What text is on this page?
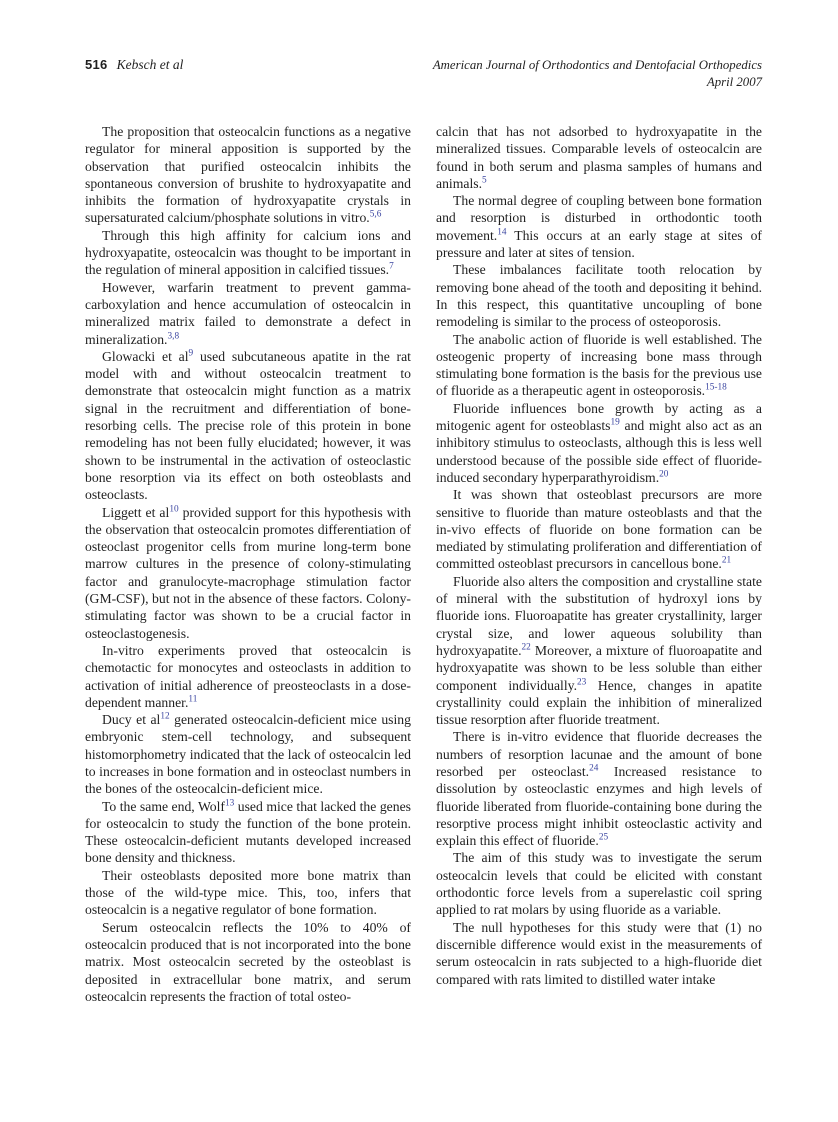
516 Kebsch et al	American Journal of Orthodontics and Dentofacial Orthopedics
April 2007

The proposition that osteocalcin functions as a negative regulator for mineral apposition is supported by the observation that purified osteocalcin inhibits the spontaneous conversion of brushite to hydroxyapatite and inhibits the formation of hydroxyapatite crystals in supersaturated calcium/phosphate solutions in vitro.$^{5,6}$

Through this high affinity for calcium ions and hydroxyapatite, osteocalcin was thought to be important in the regulation of mineral apposition in calcified tissues.$^7$

However, warfarin treatment to prevent gamma-carboxylation and hence accumulation of osteocalcin in mineralized matrix failed to demonstrate a defect in mineralization.$^{3,8}$

Glowacki et al$^9$ used subcutaneous apatite in the rat model with and without osteocalcin treatment to demonstrate that osteocalcin might function as a matrix signal in the recruitment and differentiation of bone-resorbing cells. The precise role of this protein in bone remodeling has not been fully elucidated; however, it was shown to be instrumental in the activation of osteoclastic bone resorption via its effect on both osteoblasts and osteoclasts.

Liggett et al$^{10}$ provided support for this hypothesis with the observation that osteocalcin promotes differentiation of osteoclast progenitor cells from murine long-term bone marrow cultures in the presence of colony-stimulating factor and granulocyte-macrophage stimulation factor (GM-CSF), but not in the absence of these factors. Colony-stimulating factor was shown to be a crucial factor in osteoclastogenesis.

In-vitro experiments proved that osteocalcin is chemotactic for monocytes and osteoclasts in addition to activation of initial adherence of preosteoclasts in a dose-dependent manner.$^{11}$

Ducy et al$^{12}$ generated osteocalcin-deficient mice using embryonic stem-cell technology, and subsequent histomorphometry indicated that the lack of osteocalcin led to increases in bone formation and in osteoclast numbers in the bones of the osteocalcin-deficient mice.

To the same end, Wolf$^{13}$ used mice that lacked the genes for osteocalcin to study the function of the bone protein. These osteocalcin-deficient mutants developed increased bone density and thickness.

Their osteoblasts deposited more bone matrix than those of the wild-type mice. This, too, infers that osteocalcin is a negative regulator of bone formation.

Serum osteocalcin reflects the 10% to 40% of osteocalcin produced that is not incorporated into the bone matrix. Most osteocalcin secreted by the osteoblast is deposited in extracellular bone matrix, and serum osteocalcin represents the fraction of total osteo-

calcin that has not adsorbed to hydroxyapatite in the mineralized tissues. Comparable levels of osteocalcin are found in both serum and plasma samples of humans and animals.$^5$

The normal degree of coupling between bone formation and resorption is disturbed in orthodontic tooth movement.$^{14}$ This occurs at an early stage at sites of pressure and later at sites of tension.

These imbalances facilitate tooth relocation by removing bone ahead of the tooth and depositing it behind. In this respect, this quantitative uncoupling of bone remodeling is similar to the process of osteoporosis.

The anabolic action of fluoride is well established. The osteogenic property of increasing bone mass through stimulating bone formation is the basis for the previous use of fluoride as a therapeutic agent in osteoporosis.$^{15-18}$

Fluoride influences bone growth by acting as a mitogenic agent for osteoblasts$^{19}$ and might also act as an inhibitory stimulus to osteoclasts, although this is less well understood because of the possible side effect of fluoride-induced secondary hyperparathyroidism.$^{20}$

It was shown that osteoblast precursors are more sensitive to fluoride than mature osteoblasts and that the in-vivo effects of fluoride on bone formation can be mediated by stimulating proliferation and differentiation of committed osteoblast precursors in cancellous bone.$^{21}$

Fluoride also alters the composition and crystalline state of mineral with the substitution of hydroxyl ions by fluoride ions. Fluoroapatite has greater crystallinity, larger crystal size, and lower aqueous solubility than hydroxyapatite.$^{22}$ Moreover, a mixture of fluoroapatite and hydroxyapatite was shown to be less soluble than either component individually.$^{23}$ Hence, changes in apatite crystallinity could explain the inhibition of mineralized tissue resorption after fluoride treatment.

There is in-vitro evidence that fluoride decreases the numbers of resorption lacunae and the amount of bone resorbed per osteoclast.$^{24}$ Increased resistance to dissolution by osteoclastic enzymes and high levels of fluoride liberated from fluoride-containing bone during the resorptive process might inhibit osteoclastic activity and explain this effect of fluoride.$^{25}$

The aim of this study was to investigate the serum osteocalcin levels that could be elicited with constant orthodontic force levels from a superelastic coil spring applied to rat molars by using fluoride as a variable.

The null hypotheses for this study were that (1) no discernible difference would exist in the measurements of serum osteocalcin in rats subjected to a high-fluoride diet compared with rats limited to distilled water intake
